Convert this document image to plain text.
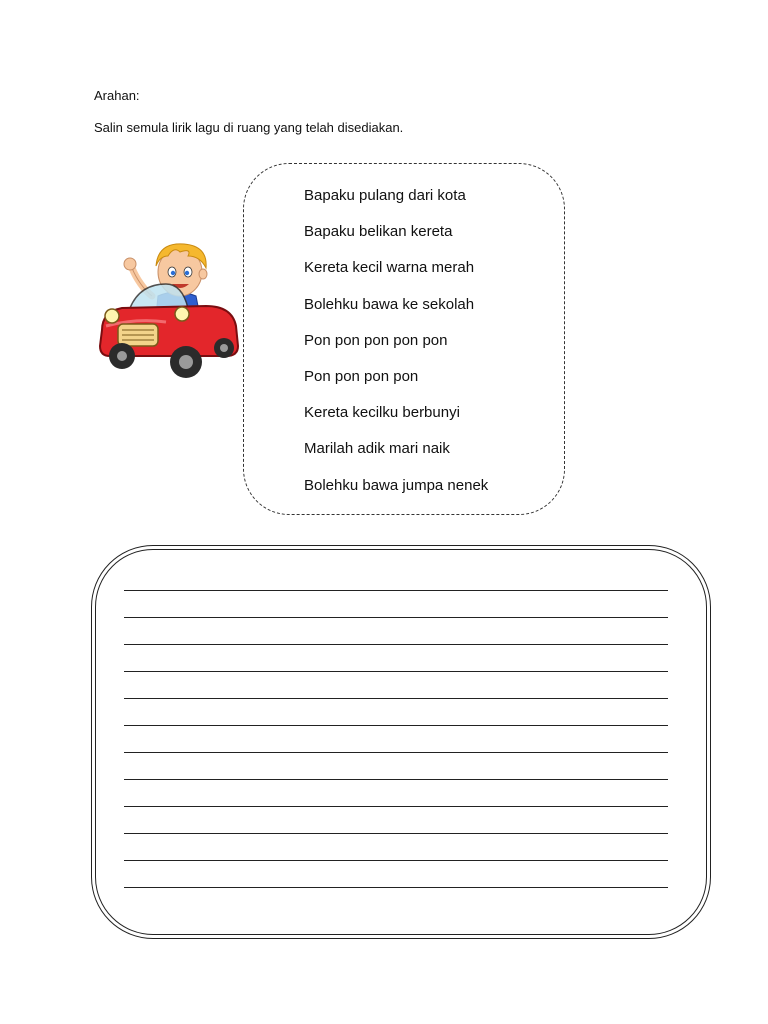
Arahan:
Salin semula lirik lagu di ruang yang telah disediakan.
Bapaku pulang dari kota
Bapaku belikan kereta
Kereta kecil warna merah
Bolehku bawa ke sekolah
Pon pon pon pon pon
Pon pon pon pon
Kereta kecilku berbunyi
Marilah adik mari naik
Bolehku bawa jumpa nenek
